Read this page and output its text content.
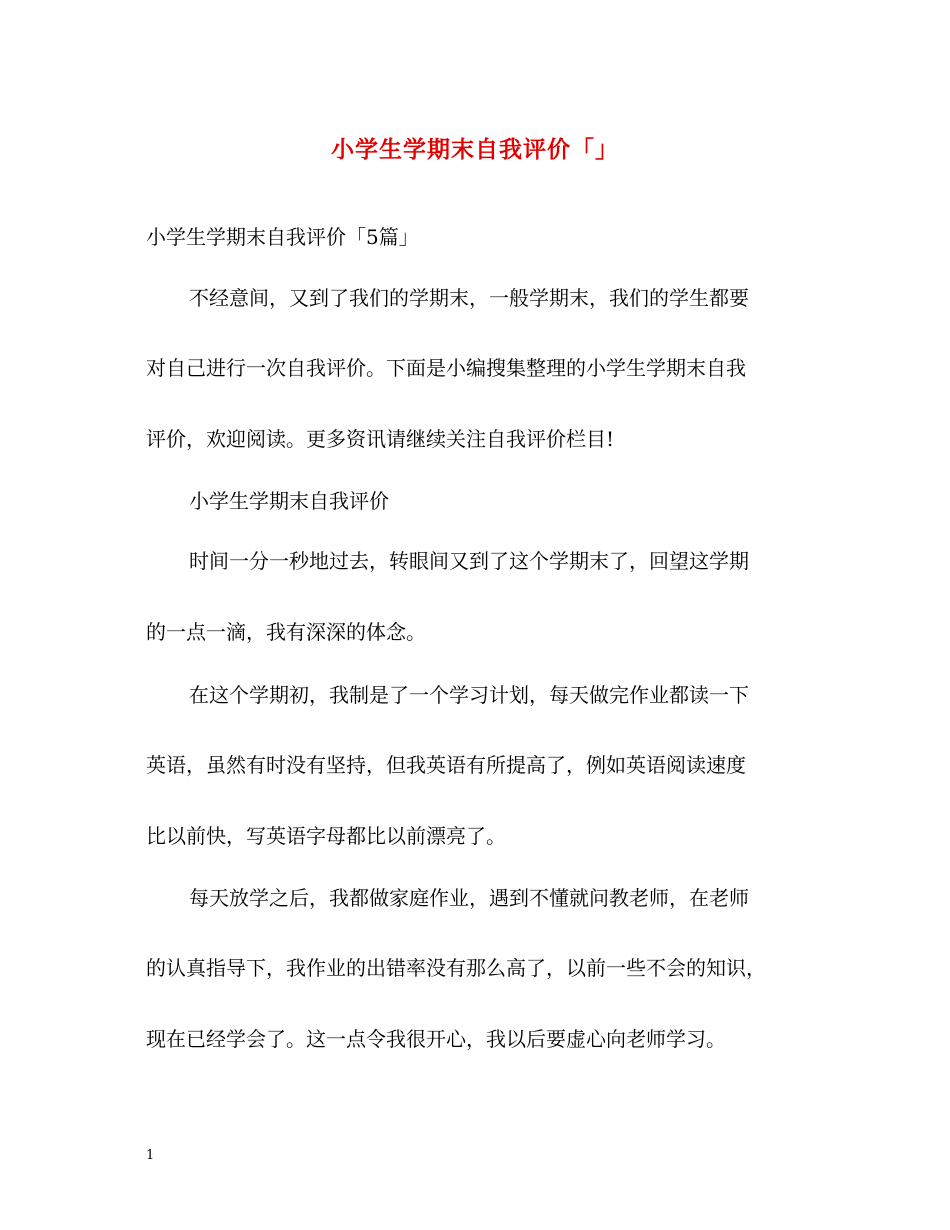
小学生学期末自我评价「」
小学生学期末自我评价「5篇」
不经意间，又到了我们的学期末，一般学期末，我们的学生都要
对自己进行一次自我评价。下面是小编搜集整理的小学生学期末自我
评价，欢迎阅读。更多资讯请继续关注自我评价栏目!
小学生学期末自我评价
时间一分一秒地过去，转眼间又到了这个学期末了，回望这学期
的一点一滴，我有深深的体念。
在这个学期初，我制是了一个学习计划，每天做完作业都读一下
英语，虽然有时没有坚持，但我英语有所提高了，例如英语阅读速度
比以前快，写英语字母都比以前漂亮了。
每天放学之后，我都做家庭作业，遇到不懂就问教老师，在老师
的认真指导下，我作业的出错率没有那么高了，以前一些不会的知识，
现在已经学会了。这一点令我很开心，我以后要虚心向老师学习。
1
